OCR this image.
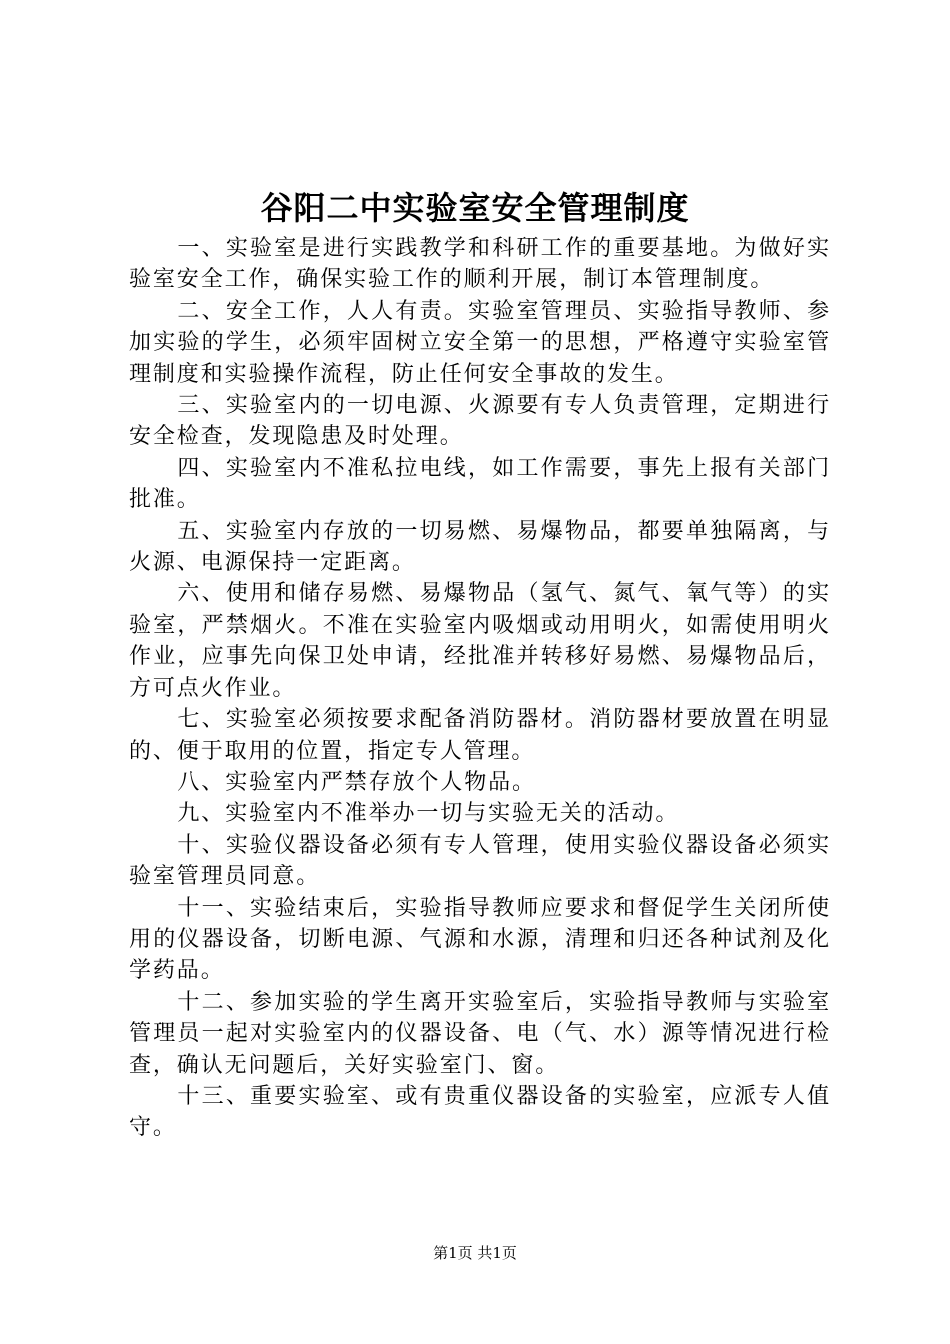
谷阳二中实验室安全管理制度

一、实验室是进行实践教学和科研工作的重要基地。为做好实验室安全工作，确保实验工作的顺利开展，制订本管理制度。

二、安全工作，人人有责。实验室管理员、实验指导教师、参加实验的学生，必须牢固树立安全第一的思想，严格遵守实验室管理制度和实验操作流程，防止任何安全事故的发生。

三、实验室内的一切电源、火源要有专人负责管理，定期进行安全检查，发现隐患及时处理。

四、实验室内不准私拉电线，如工作需要，事先上报有关部门批准。

五、实验室内存放的一切易燃、易爆物品，都要单独隔离，与火源、电源保持一定距离。

六、使用和储存易燃、易爆物品（氢气、氮气、氧气等）的实验室，严禁烟火。不准在实验室内吸烟或动用明火，如需使用明火作业，应事先向保卫处申请，经批准并转移好易燃、易爆物品后，方可点火作业。

七、实验室必须按要求配备消防器材。消防器材要放置在明显的、便于取用的位置，指定专人管理。

八、实验室内严禁存放个人物品。

九、实验室内不准举办一切与实验无关的活动。

十、实验仪器设备必须有专人管理，使用实验仪器设备必须实验室管理员同意。

十一、实验结束后，实验指导教师应要求和督促学生关闭所使用的仪器设备，切断电源、气源和水源，清理和归还各种试剂及化学药品。

十二、参加实验的学生离开实验室后，实验指导教师与实验室管理员一起对实验室内的仪器设备、电（气、水）源等情况进行检查，确认无问题后，关好实验室门、窗。

十三、重要实验室、或有贵重仪器设备的实验室，应派专人值守。

第1页 共1页
